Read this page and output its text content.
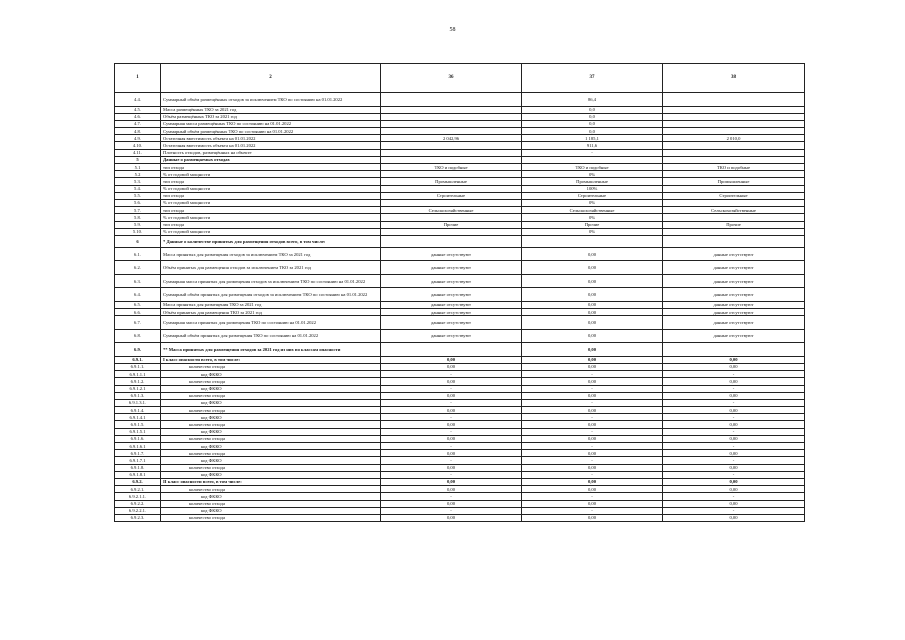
58
1	2	36	37	38
4.4.	Суммарный объём размещённых отходов за исключением ТКО по состоянию на 01.01.2022		86,4	
4.5.	Масса размещённых ТКО за 2021 год		0,0	
4.6.	Объём размещённых ТКО за 2021 год		0,0	
4.7.	Суммарная масса размещённых ТКО по состоянию на 01.01.2022		0,0	
4.8.	Суммарный объём размещённых ТКО по состоянию на 01.01.2022		0,0	
4.9.	Остаточная вместимость объекта на 01.01.2022	2 042,96	1 185,1	2 010,0
4.10.	Остаточная вместимость объекта на 01.01.2022		911,6	
4.11.	Плотность отходов, размещённых на объекте		-	
5	Данные о размещаемых отходах			
5.1	тип отхода	ТКО и подобные	ТКО и подобные	ТКО и подобные
5.2	% от годовой мощности		0%	
5.3.	тип отхода	Промышленные	Промышленные	Промышленные
5.4.	% от годовой мощности		100%	
5.5.	тип отхода	Строительные	Строительные	Строительные
5.6.	% от годовой мощности		0%	
5.7.	тип отхода	Сельскохозяйственные	Сельскохозяйственные	Сельскохозяйственные
5.8.	% от годовой мощности		0%	
5.9.	тип отхода	Прочие	Прочие	Прочие
5.10.	% от годовой мощности		0%	
6	* Данные о количестве принятых для размещения отходов всего, в том числе:			
6.1.	Масса принятых для размещения отходов за исключением ТКО за 2021 год	данные отсутствуют	0,00	данные отсутствуют
6.2.	Объём принятых для размещения отходов за исключением ТКО за 2021 год	данные отсутствуют	0,00	данные отсутствуют
6.3.	Суммарная масса принятых для размещения отходов за исключением ТКО по состоянию на 01.01.2022	данные отсутствуют	0,00	данные отсутствуют
6.4.	Суммарный объём принятых для размещения отходов за исключением ТКО по состоянию на 01.01.2022	данные отсутствуют	0,00	данные отсутствуют
6.5.	Масса принятых для размещения ТКО за 2021 год	данные отсутствуют	0,00	данные отсутствуют
6.6.	Объём принятых для размещения ТКО за 2021 год	данные отсутствуют	0,00	данные отсутствуют
6.7.	Суммарная масса принятых для размещения ТКО по состоянию на 01.01.2022	данные отсутствуют	0,00	данные отсутствуют
6.8.	Суммарный объём принятых для размещения ТКО по состоянию на 01.01.2022	данные отсутствуют	0,00	данные отсутствуют
6.9.	** Масса принятых для размещения отходов за 2021 год из них по классам опасности		0,00	
6.9.1.	I класс опасности всего, в том числе:	0,00	0,00	0,00
6.9.1.1.	количество отхода	0,00	0,00	0,00
6.9.1.1.1	код ФККО	-	-	-
6.9.1.2.	количество отхода	0,00	0,00	0,00
6.9.1.2.1	код ФККО	-	-	-
6.9.1.3.	количество отхода	0,00	0,00	0,00
6.9.1.3.1.	код ФККО	-	-	-
6.9.1.4.	количество отхода	0,00	0,00	0,00
6.9.1.4.1	код ФККО	-	-	-
6.9.1.5.	количество отхода	0,00	0,00	0,00
6.9.1.5.1	код ФККО	-	-	-
6.9.1.6.	количество отхода	0,00	0,00	0,00
6.9.1.6.1	код ФККО	-	-	-
6.9.1.7.	количество отхода	0,00	0,00	0,00
6.9.1.7.1	код ФККО	-	-	-
6.9.1.8.	количество отхода	0,00	0,00	0,00
6.9.1.8.1	код ФККО	-	-	-
6.9.2.	II класс опасности всего, в том числе:	0,00	0,00	0,00
6.9.2.1.	количество отхода	0,00	0,00	0,00
6.9.2.1.1.	код ФККО	-	-	-
6.9.2.2.	количество отхода	0,00	0,00	0,00
6.9.2.2.1.	код ФККО	-	-	-
6.9.2.3.	количество отхода	0,00	0,00	0,00
